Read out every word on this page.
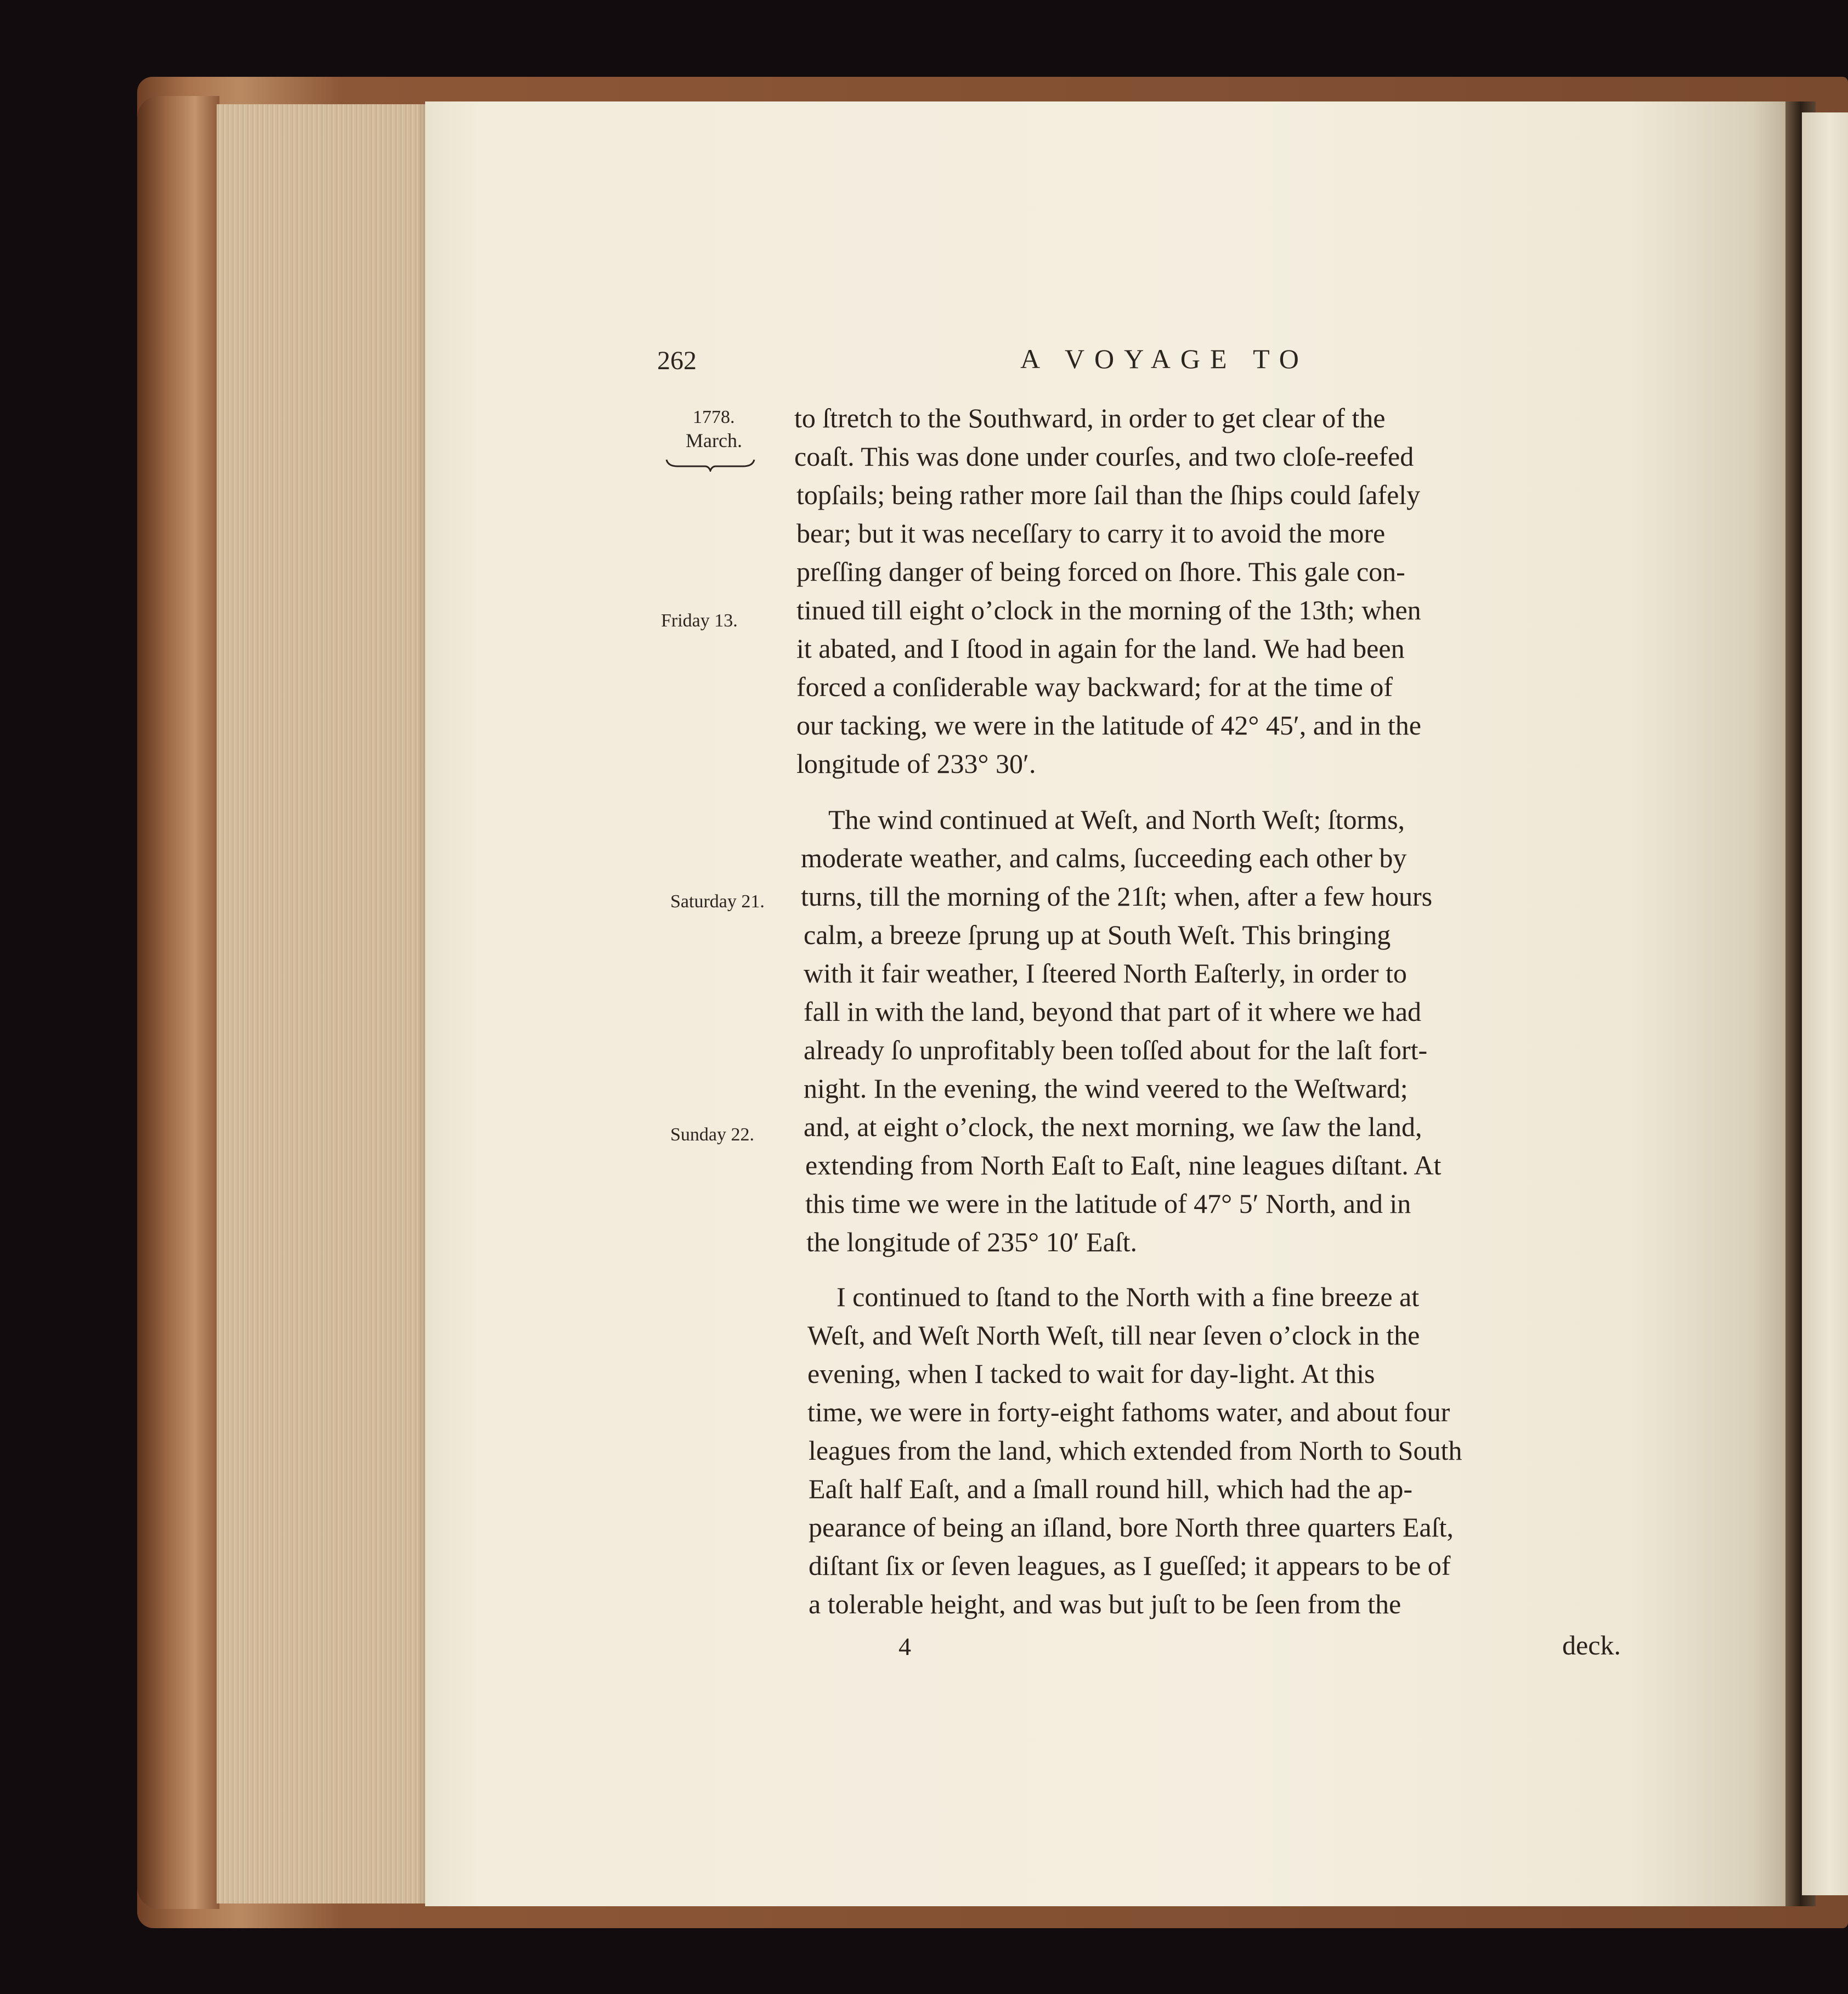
262	A VOYAGE TO
1778.
March.
Friday 13.
Saturday 21.
Sunday 22.
to ſtretch to the Southward, in order to get clear of the
coaſt. This was done under courſes, and two cloſe-reefed
topſails; being rather more ſail than the ſhips could ſafely
bear; but it was neceſſary to carry it to avoid the more
preſſing danger of being forced on ſhore. This gale con-
tinued till eight o’clock in the morning of the 13th; when
it abated, and I ſtood in again for the land. We had been
forced a conſiderable way backward; for at the time of
our tacking, we were in the latitude of 42° 45′, and in the
longitude of 233° 30′.
The wind continued at Weſt, and North Weſt; ſtorms,
moderate weather, and calms, ſucceeding each other by
turns, till the morning of the 21ſt; when, after a few hours
calm, a breeze ſprung up at South Weſt. This bringing
with it fair weather, I ſteered North Eaſterly, in order to
fall in with the land, beyond that part of it where we had
already ſo unprofitably been toſſed about for the laſt fort-
night. In the evening, the wind veered to the Weſtward;
and, at eight o’clock, the next morning, we ſaw the land,
extending from North Eaſt to Eaſt, nine leagues diſtant. At
this time we were in the latitude of 47° 5′ North, and in
the longitude of 235° 10′ Eaſt.
I continued to ſtand to the North with a fine breeze at
Weſt, and Weſt North Weſt, till near ſeven o’clock in the
evening, when I tacked to wait for day-light. At this
time, we were in forty-eight fathoms water, and about four
leagues from the land, which extended from North to South
Eaſt half Eaſt, and a ſmall round hill, which had the ap-
pearance of being an iſland, bore North three quarters Eaſt,
diſtant ſix or ſeven leagues, as I gueſſed; it appears to be of
a tolerable height, and was but juſt to be ſeen from the
4	deck.
